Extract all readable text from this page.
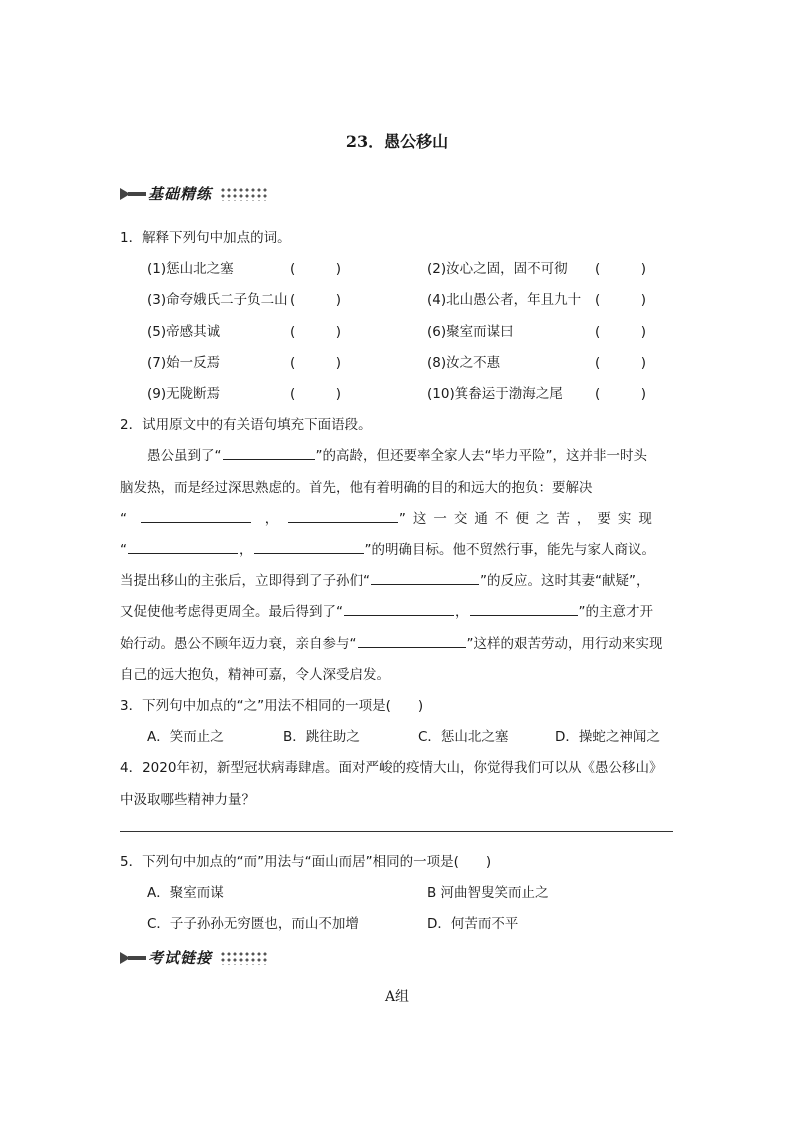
23．愚公移山
基础精练
1．解释下列句中加点的词。
(1)惩山北之塞	(　　　)	(2)汝心之固，固不可彻 (　　　)
(3)命夸娥氏二子负二山 (　　　)	(4)北山愚公者，年且九十 (　　　)
(5)帝感其诚	(　　　)	(6)聚室而谋曰	(　　　)
(7)始一反焉	(　　　)	(8)汝之不惠	(　　　)
(9)无陇断焉	(　　　)	(10)箕畚运于渤海之尾 (　　　)
2．试用原文中的有关语句填充下面语段。
愚公虽到了“	”的高龄，但还要率全家人去“毕力平险”，这并非一时头
脑发热，而是经过深思熟虑的。首先，他有着明确的目的和远大的抱负：要解决
“	，	”这一交通不便之苦，要实现
“	，	”的明确目标。他不贸然行事，能先与家人商议。
当提出移山的主张后，立即得到了子孙们“	”的反应。这时其妻“献疑”，
又促使他考虑得更周全。最后得到了“	，	”的主意才开
始行动。愚公不顾年迈力衰，亲自参与“	”这样的艰苦劳动，用行动来实现
自己的远大抱负，精神可嘉，令人深受启发。
3．下列句中加点的“之”用法不相同的一项是(　　)
A．笑而止之	B．跳往助之	C．惩山北之塞	D．操蛇之神闻之
4．2020年初，新型冠状病毒肆虐。面对严峻的疫情大山，你觉得我们可以从《愚公移山》
中汲取哪些精神力量？
5．下列句中加点的“而”用法与“面山而居”相同的一项是(　　)
A．聚室而谋	B 河曲智叟笑而止之
C．子子孙孙无穷匮也，而山不加增	D．何苦而不平
考试链接
A组
